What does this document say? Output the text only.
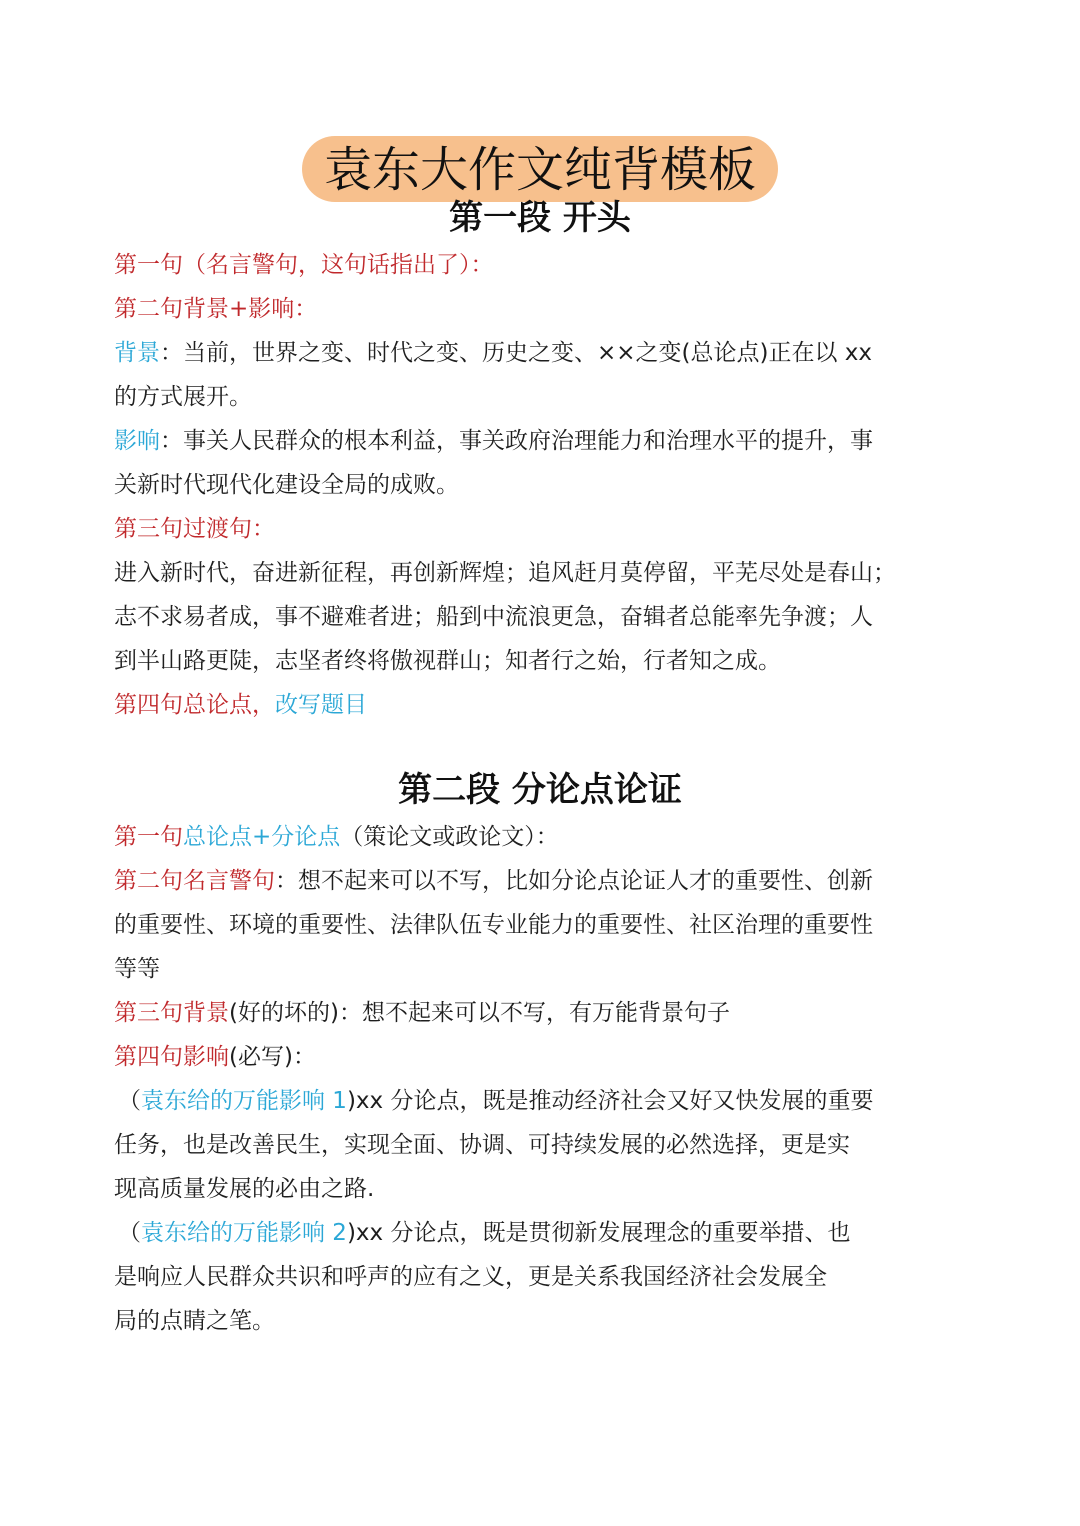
袁东大作文纯背模板
第一段 开头
第一句（名言警句，这句话指出了）：
第二句背景+影响：
背景：当前，世界之变、时代之变、历史之变、××之变(总论点)正在以 xx
的方式展开。
影响：事关人民群众的根本利益，事关政府治理能力和治理水平的提升，事
关新时代现代化建设全局的成败。
第三句过渡句：
进入新时代，奋进新征程，再创新辉煌；追风赶月莫停留，平芜尽处是春山；
志不求易者成，事不避难者进；船到中流浪更急，奋辑者总能率先争渡；人
到半山路更陡，志坚者终将傲视群山；知者行之始，行者知之成。
第四句总论点，改写题目
第二段 分论点论证
第一句总论点+分论点（策论文或政论文）：
第二句名言警句：想不起来可以不写，比如分论点论证人才的重要性、创新
的重要性、环境的重要性、法律队伍专业能力的重要性、社区治理的重要性
等等
第三句背景(好的坏的)：想不起来可以不写，有万能背景句子
第四句影响(必写)：
（袁东给的万能影响 1)xx 分论点，既是推动经济社会又好又快发展的重要
任务，也是改善民生，实现全面、协调、可持续发展的必然选择，更是实
现高质量发展的必由之路.
（袁东给的万能影响 2)xx 分论点，既是贯彻新发展理念的重要举措、也
是响应人民群众共识和呼声的应有之义，更是关系我国经济社会发展全
局的点睛之笔。
